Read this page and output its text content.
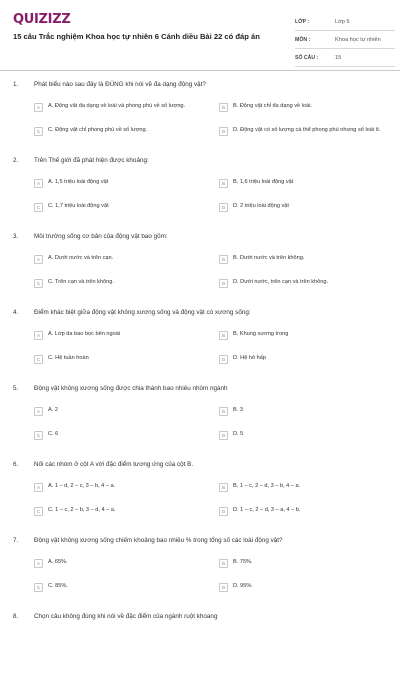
QUIZIZZ
15 câu Trắc nghiệm Khoa học tự nhiên 6 Cánh diều Bài 22 có đáp án
LỚP :	Lớp 6
MÔN :	Khoa học tự nhiên
SỐ CÂU :	15
1. Phát biểu nào sau đây là ĐÚNG khi nói về đa dạng động vật?
A	A. Động vật đa dạng về loài và phong phú về số lượng.	B	B. Động vật chỉ đa dạng về loài.
C	C. Động vật chỉ phong phú về số lượng.	D	D. Động vật có số lượng cá thể phong phú nhưng số loài ít.
2. Trên Thế giới đã phát hiện được khoảng:
A	A. 1,5 triệu loài động vật	B	B. 1,6 triệu loài động vật
C	C. 1,7 triệu loài động vật	D	D. 2 triệu loài động vật
3. Môi trường sống cơ bản của động vật bao gồm:
A	A. Dưới nước và trên cạn.	B	B. Dưới nước và trên không.
C	C. Trên cạn và trên không.	D	D. Dưới nước, trên cạn và trên không.
4. Điểm khác biệt giữa động vật không xương sống và động vật có xương sống:
A	A. Lớp da bao bọc bên ngoài	B	B. Khung xương trong
C	C. Hệ tuần hoàn	D	D. Hệ hô hấp
5. Động vật không xương sống được chia thành bao nhiêu nhóm ngành
A	A. 2	B	B. 3
C	C. 6	D	D. 5
6. Nối các nhóm ở cột A với đặc điểm tương ứng của cột B.
A	A. 1 – d, 2 – c, 3 – b, 4 – a.	B	B. 1 – c, 2 – d, 3 – b, 4 – a.
C	C. 1 – c, 2 – b, 3 – d, 4 – a.	D	D. 1 – c, 2 – d, 3 – a, 4 – b.
7. Động vật không xương sống chiếm khoảng bao nhiêu % trong tổng số các loài động vật?
A	A. 65%.	B	B. 75%.
C	C. 85%.	D	D. 95%.
8. Chọn câu không đúng khi nói về đặc điểm của ngành ruột khoang
